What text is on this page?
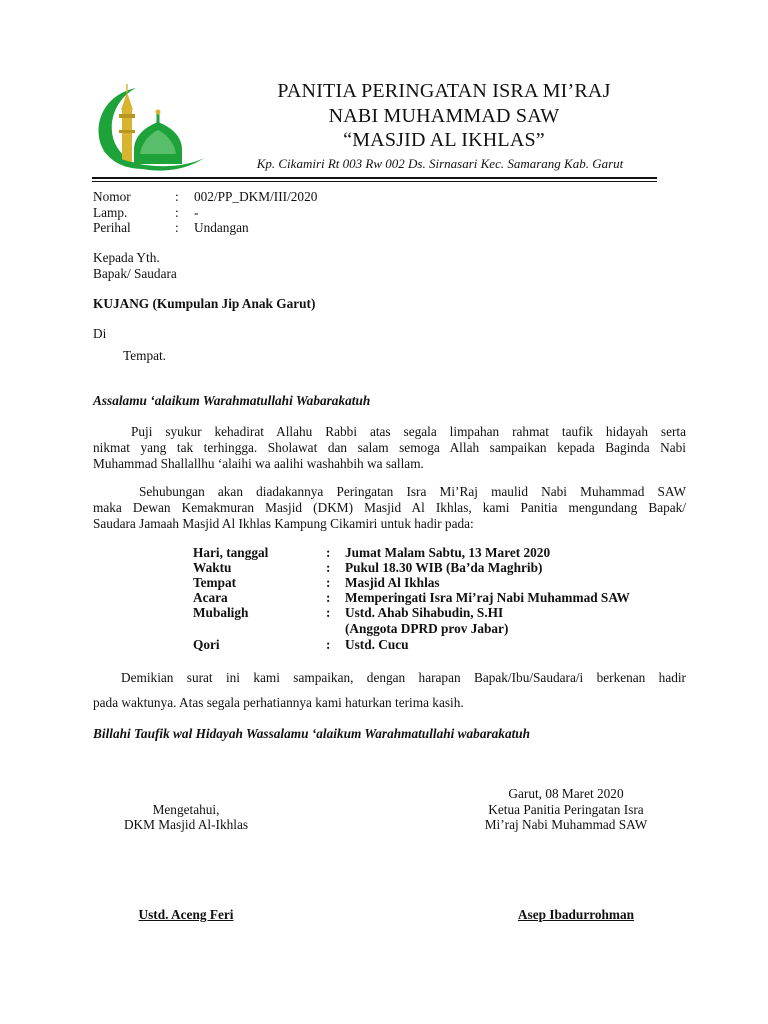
PANITIA PERINGATAN ISRA MI’RAJ
NABI MUHAMMAD SAW
“MASJID AL IKHLAS”
Kp. Cikamiri Rt 003 Rw 002 Ds. Sirnasari Kec. Samarang Kab. Garut
Nomor	: 002/PP_DKM/III/2020
Lamp.	: -
Perihal	: Undangan
Kepada Yth.
Bapak/ Saudara
KUJANG (Kumpulan Jip Anak Garut)
Di
Tempat.
Assalamu ‘alaikum Warahmatullahi Wabarakatuh
Puji syukur kehadirat Allahu Rabbi atas segala limpahan rahmat taufik hidayah serta
nikmat yang tak terhingga. Sholawat dan salam semoga Allah sampaikan kepada Baginda Nabi
Muhammad Shallallhu ‘alaihi wa aalihi washahbih wa sallam.
Sehubungan akan diadakannya Peringatan Isra Mi’Raj maulid Nabi Muhammad SAW
maka Dewan Kemakmuran Masjid (DKM) Masjid Al Ikhlas, kami Panitia mengundang Bapak/
Saudara Jamaah Masjid Al Ikhlas Kampung Cikamiri untuk hadir pada:
Hari, tanggal	: Jumat Malam Sabtu, 13 Maret 2020
Waktu	: Pukul 18.30 WIB (Ba’da Maghrib)
Tempat	: Masjid Al Ikhlas
Acara	: Memperingati Isra Mi’raj Nabi Muhammad SAW
Mubaligh	: Ustd. Ahab Sihabudin, S.HI
(Anggota DPRD prov Jabar)
Qori	: Ustd. Cucu
Demikian surat ini kami sampaikan, dengan harapan Bapak/Ibu/Saudara/i berkenan hadir
pada waktunya. Atas segala perhatiannya kami haturkan terima kasih.
Billahi Taufik wal Hidayah Wassalamu ‘alaikum Warahmatullahi wabarakatuh
Garut, 08 Maret 2020
Ketua Panitia Peringatan Isra
Mi’raj Nabi Muhammad SAW
Mengetahui,
DKM Masjid Al-Ikhlas
Ustd. Aceng Feri	Asep Ibadurrohman
